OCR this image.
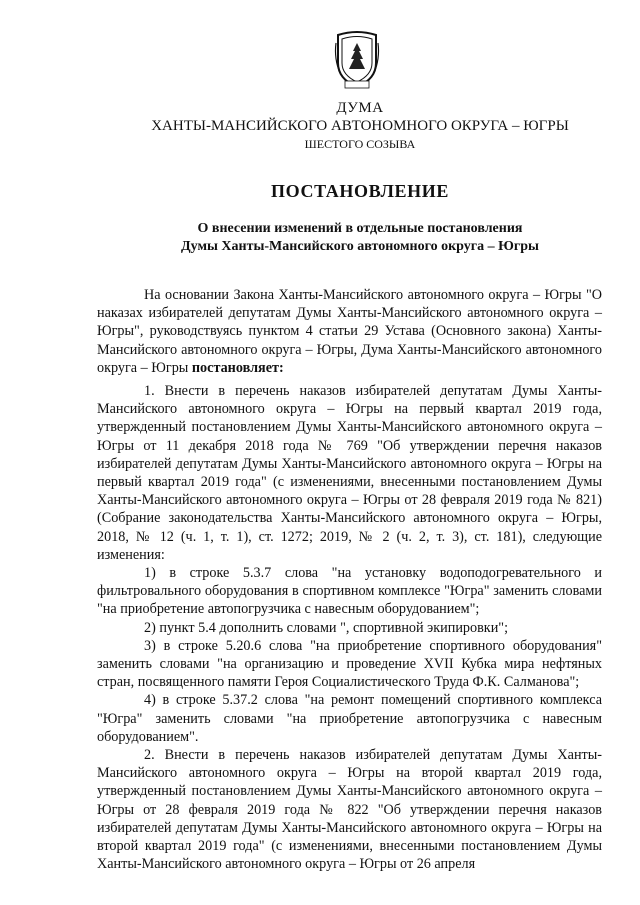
ДУМА
ХАНТЫ-МАНСИЙСКОГО АВТОНОМНОГО ОКРУГА – ЮГРЫ
ШЕСТОГО СОЗЫВА
ПОСТАНОВЛЕНИЕ
О внесении изменений в отдельные постановления
Думы Ханты-Мансийского автономного округа – Югры

На основании Закона Ханты-Мансийского автономного округа – Югры "О наказах избирателей депутатам Думы Ханты-Мансийского автономного округа – Югры", руководствуясь пунктом 4 статьи 29 Устава (Основного закона) Ханты-Мансийского автономного округа – Югры, Дума Ханты-Мансийского автономного округа – Югры постановляет:

1. Внести в перечень наказов избирателей депутатам Думы Ханты-Мансийского автономного округа – Югры на первый квартал 2019 года, утвержденный постановлением Думы Ханты-Мансийского автономного округа – Югры от 11 декабря 2018 года № 769 "Об утверждении перечня наказов избирателей депутатам Думы Ханты-Мансийского автономного округа – Югры на первый квартал 2019 года" (с изменениями, внесенными постановлением Думы Ханты-Мансийского автономного округа – Югры от 28 февраля 2019 года № 821) (Собрание законодательства Ханты-Мансийского автономного округа – Югры, 2018, № 12 (ч. 1, т. 1), ст. 1272; 2019, № 2 (ч. 2, т. 3), ст. 181), следующие изменения:

1) в строке 5.3.7 слова "на установку водоподогревательного и фильтровального оборудования в спортивном комплексе "Югра" заменить словами "на приобретение автопогрузчика с навесным оборудованием";

2) пункт 5.4 дополнить словами ", спортивной экипировки";

3) в строке 5.20.6 слова "на приобретение спортивного оборудования" заменить словами "на организацию и проведение XVII Кубка мира нефтяных стран, посвященного памяти Героя Социалистического Труда Ф.К. Салманова";

4) в строке 5.37.2 слова "на ремонт помещений спортивного комплекса "Югра" заменить словами "на приобретение автопогрузчика с навесным оборудованием".

2. Внести в перечень наказов избирателей депутатам Думы Ханты-Мансийского автономного округа – Югры на второй квартал 2019 года, утвержденный постановлением Думы Ханты-Мансийского автономного округа – Югры от 28 февраля 2019 года № 822 "Об утверждении перечня наказов избирателей депутатам Думы Ханты-Мансийского автономного округа – Югры на второй квартал 2019 года" (с изменениями, внесенными постановлением Думы Ханты-Мансийского автономного округа – Югры от 26 апреля
